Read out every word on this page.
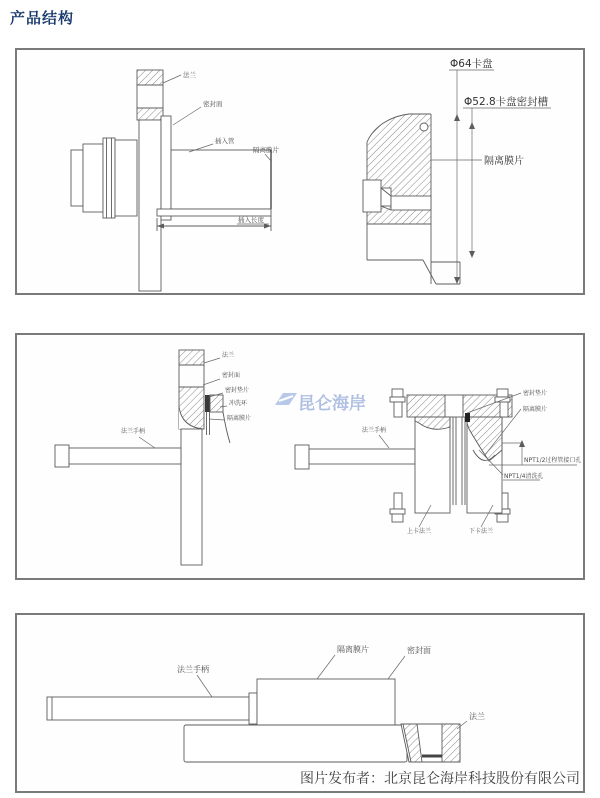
产品结构
法兰
密封面
插入管
隔离膜片
插入长度
Φ64卡盘
Φ52.8卡盘密封槽
隔离膜片
法兰
密封面
密封垫片
冲洗环
隔离膜片
法兰手柄
昆仑海岸
法兰手柄
密封垫片
隔离膜片
NPT1/2过程管接口孔
NPT1/4清洗孔
上卡法兰	下卡法兰
法兰手柄
隔离膜片	密封面
法兰
图片发布者：北京昆仑海岸科技股份有限公司
